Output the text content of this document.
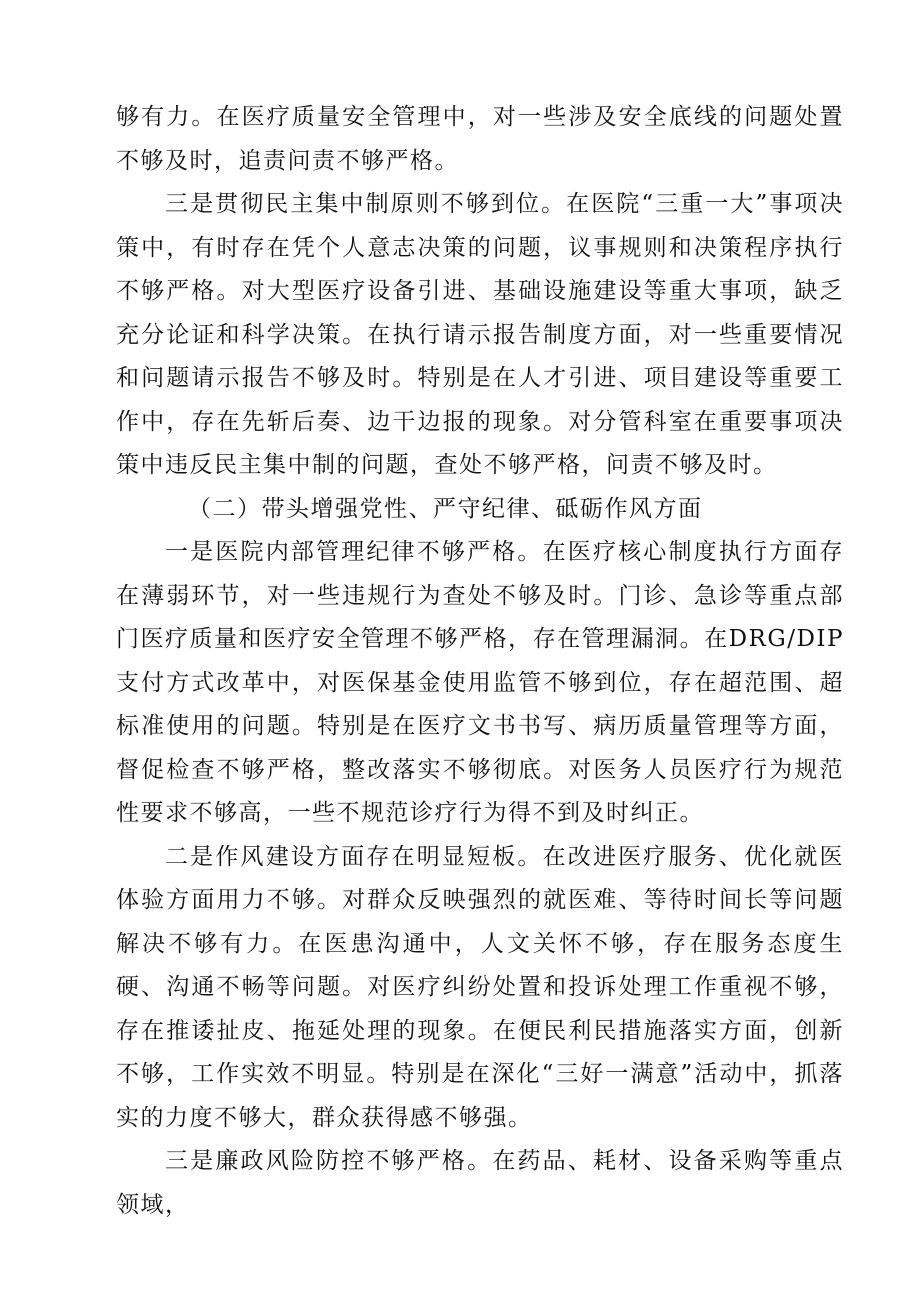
够有力。在医疗质量安全管理中，对一些涉及安全底线的问题处置不够及时，追责问责不够严格。

三是贯彻民主集中制原则不够到位。在医院“三重一大”事项决策中，有时存在凭个人意志决策的问题，议事规则和决策程序执行不够严格。对大型医疗设备引进、基础设施建设等重大事项，缺乏充分论证和科学决策。在执行请示报告制度方面，对一些重要情况和问题请示报告不够及时。特别是在人才引进、项目建设等重要工作中，存在先斩后奏、边干边报的现象。对分管科室在重要事项决策中违反民主集中制的问题，查处不够严格，问责不够及时。

（二）带头增强党性、严守纪律、砥砺作风方面

一是医院内部管理纪律不够严格。在医疗核心制度执行方面存在薄弱环节，对一些违规行为查处不够及时。门诊、急诊等重点部门医疗质量和医疗安全管理不够严格，存在管理漏洞。在DRG/DIP支付方式改革中，对医保基金使用监管不够到位，存在超范围、超标准使用的问题。特别是在医疗文书书写、病历质量管理等方面，督促检查不够严格，整改落实不够彻底。对医务人员医疗行为规范性要求不够高，一些不规范诊疗行为得不到及时纠正。

二是作风建设方面存在明显短板。在改进医疗服务、优化就医体验方面用力不够。对群众反映强烈的就医难、等待时间长等问题解决不够有力。在医患沟通中，人文关怀不够，存在服务态度生硬、沟通不畅等问题。对医疗纠纷处置和投诉处理工作重视不够，存在推诿扯皮、拖延处理的现象。在便民利民措施落实方面，创新不够，工作实效不明显。特别是在深化“三好一满意”活动中，抓落实的力度不够大，群众获得感不够强。

三是廉政风险防控不够严格。在药品、耗材、设备采购等重点领域，
